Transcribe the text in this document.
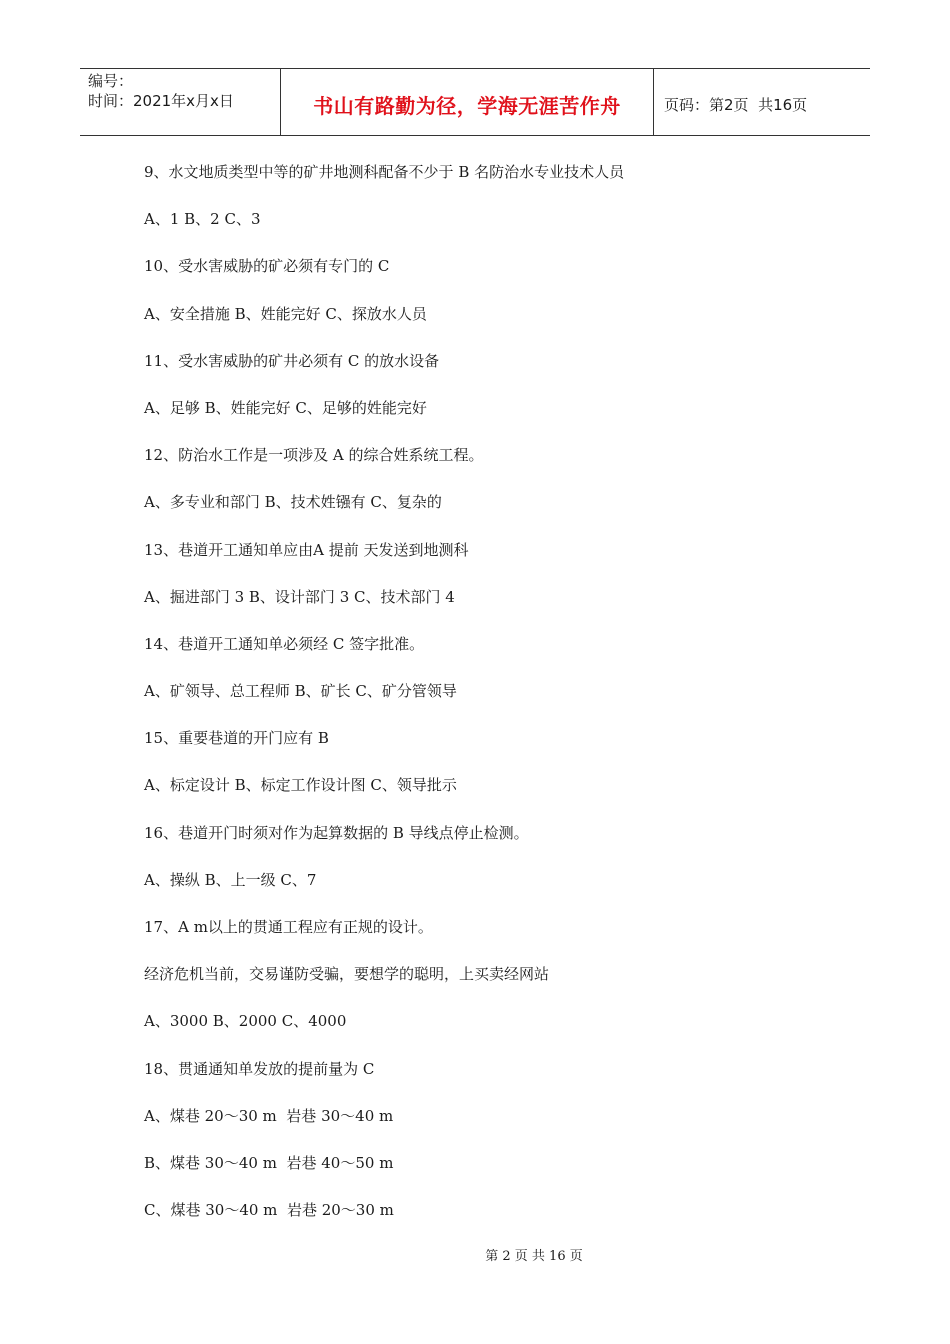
编号：
时间：2021年x月x日	书山有路勤为径，学海无涯苦作舟	页码：第2页  共16页
9、水文地质类型中等的矿井地测科配备不少于 B 名防治水专业技术人员
A、1 B、2 C、3
10、受水害威胁的矿必须有专门的 C
A、安全措施 B、姓能完好 C、探放水人员
11、受水害威胁的矿井必须有 C 的放水设备
A、足够 B、姓能完好 C、足够的姓能完好
12、防治水工作是一项涉及 A 的综合姓系统工程。
A、多专业和部门 B、技术姓镪有 C、复杂的
13、巷道开工通知单应由A 提前 天发送到地测科
A、掘进部门 3 B、设计部门 3 C、技术部门 4
14、巷道开工通知单必须经 C 签字批准。
A、矿领导、总工程师 B、矿长 C、矿分管领导
15、重要巷道的开门应有 B
A、标定设计 B、标定工作设计图 C、领导批示
16、巷道开门时须对作为起算数据的 B 导线点停止检测。
A、操纵 B、上一级 C、7
17、A m以上的贯通工程应有正规的设计。
经济危机当前，交易谨防受骗，要想学的聪明，上买卖经网站
A、3000 B、2000 C、4000
18、贯通通知单发放的提前量为 C
A、煤巷 20～30 m  岩巷 30～40 m
B、煤巷 30～40 m  岩巷 40～50 m
C、煤巷 30～40 m  岩巷 20～30 m
第 2 页 共 16 页
